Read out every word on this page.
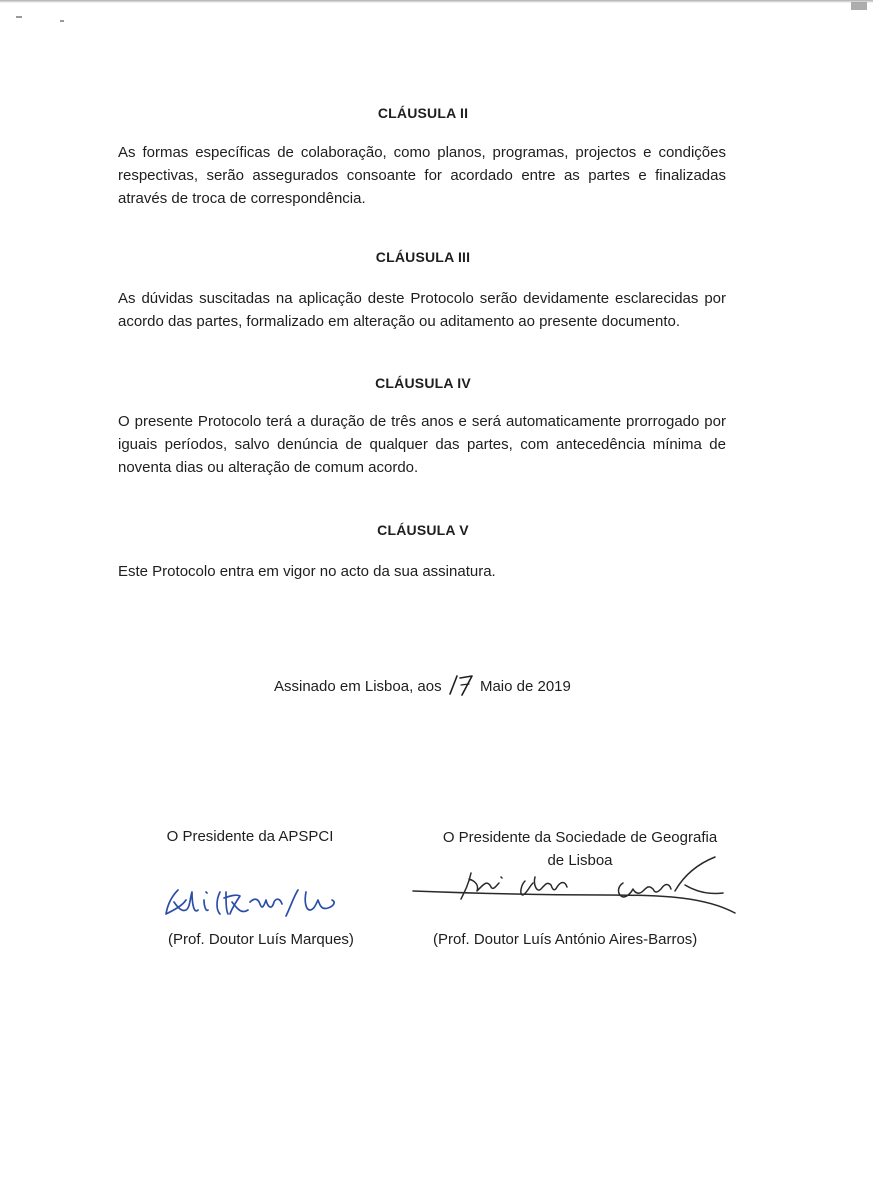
CLÁUSULA II
As formas específicas de colaboração, como planos, programas, projectos e condições respectivas, serão assegurados consoante for acordado entre as partes e finalizadas através de troca de correspondência.
CLÁUSULA III
As dúvidas suscitadas na aplicação deste Protocolo serão devidamente esclarecidas por acordo das partes, formalizado em alteração ou aditamento ao presente documento.
CLÁUSULA IV
O presente Protocolo terá a duração de três anos e será automaticamente prorrogado por iguais períodos, salvo denúncia de qualquer das partes, com antecedência mínima de noventa dias ou alteração de comum acordo.
CLÁUSULA V
Este Protocolo entra em vigor no acto da sua assinatura.
Assinado em Lisboa, aos  Maio de 2019
O Presidente da APSPCI
(Prof. Doutor Luís Marques)
O Presidente da Sociedade de Geografia
de Lisboa
(Prof. Doutor Luís António Aires-Barros)
